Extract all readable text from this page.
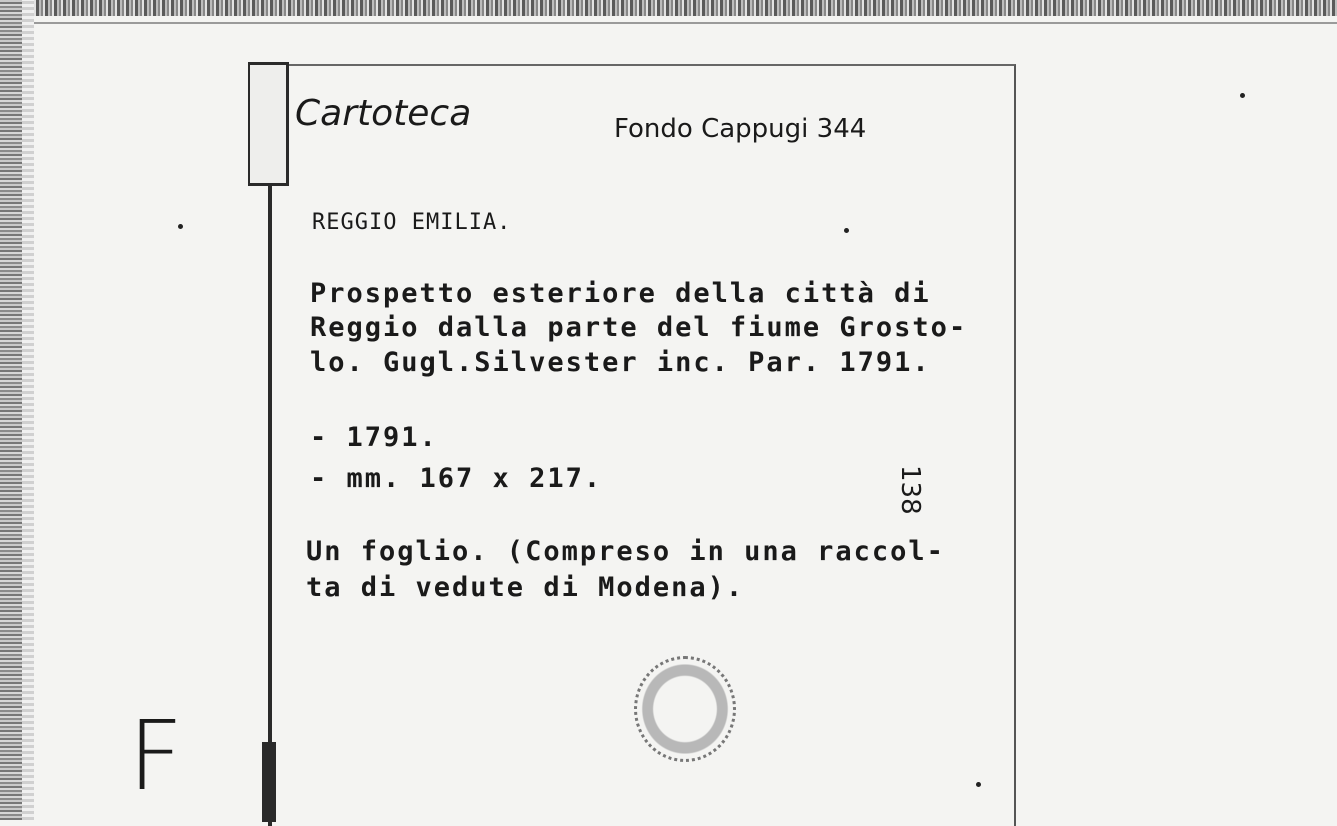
Cartoteca	Fondo Cappugi 344
REGGIO EMILIA.
Prospetto esteriore della città di
Reggio dalla parte del fiume Grosto-
lo. Gugl.Silvester inc. Par. 1791.
- 1791.
- mm. 167 x 217.	138
Un foglio. (Compreso in una raccol-
ta di vedute di Modena).
F
